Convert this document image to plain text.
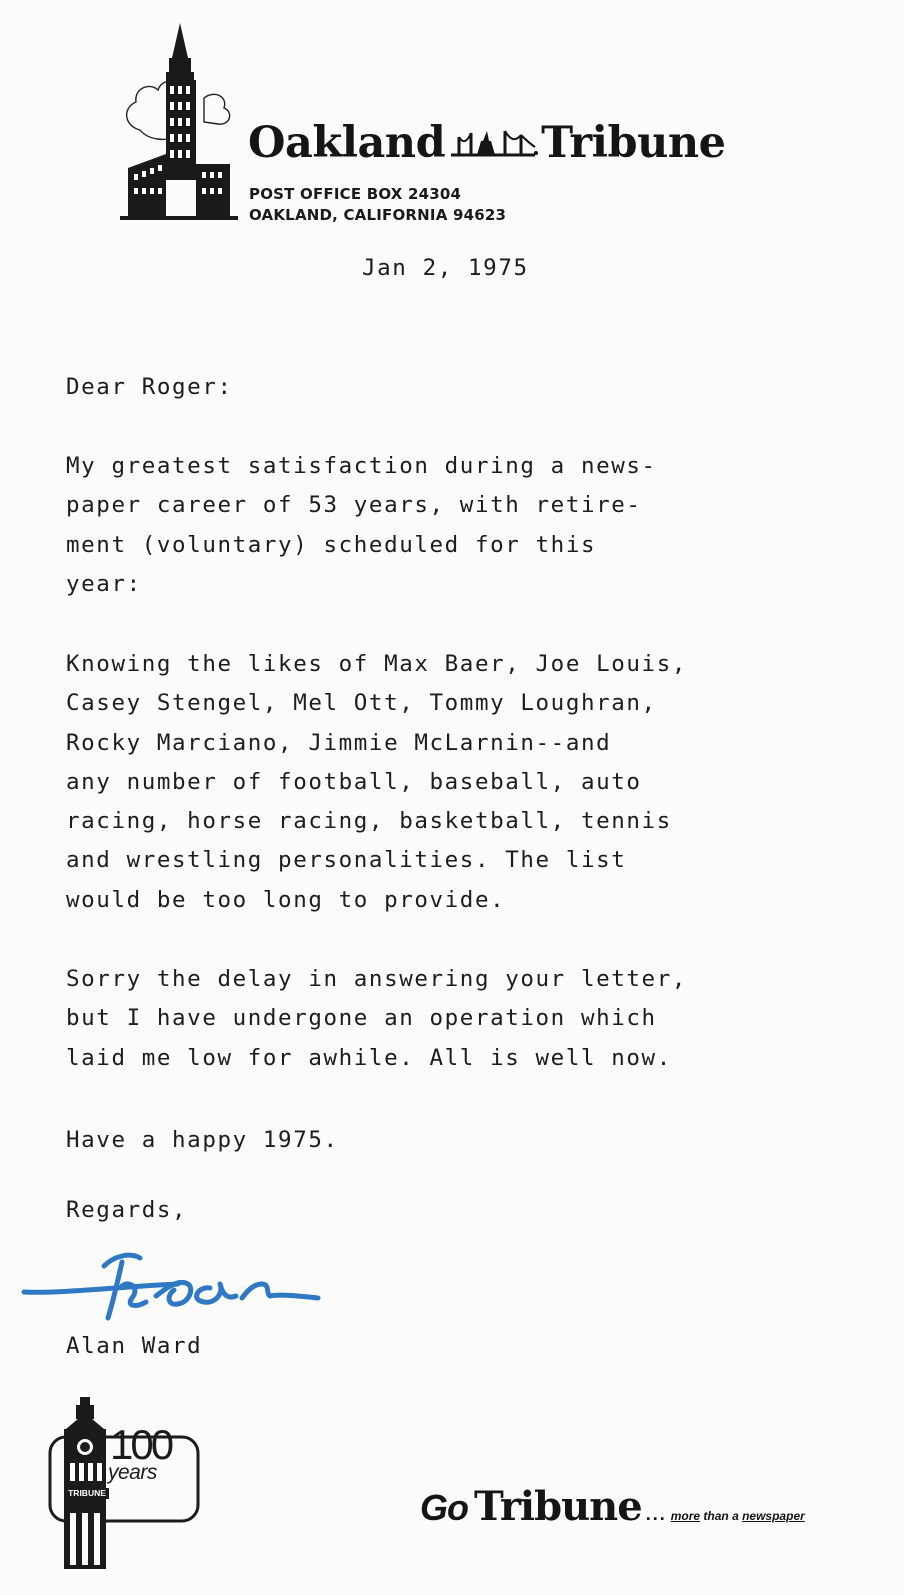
Oakland Tribune
POST OFFICE BOX 24304
OAKLAND, CALIFORNIA 94623
Jan 2, 1975
Dear Roger:
My greatest satisfaction during a news-
paper career of 53 years, with retire-
ment (voluntary) scheduled for this
year:
Knowing the likes of Max Baer, Joe Louis,
Casey Stengel, Mel Ott, Tommy Loughran,
Rocky Marciano, Jimmie McLarnin--and
any number of football, baseball, auto
racing, horse racing, basketball, tennis
and wrestling personalities. The list
would be too long to provide.
Sorry the delay in answering your letter,
but I have undergone an operation which
laid me low for awhile. All is well now.
Have a happy 1975.
Regards,
Alan Ward
TRIBUNE
100
years
Go Tribune ... more than a newspaper
